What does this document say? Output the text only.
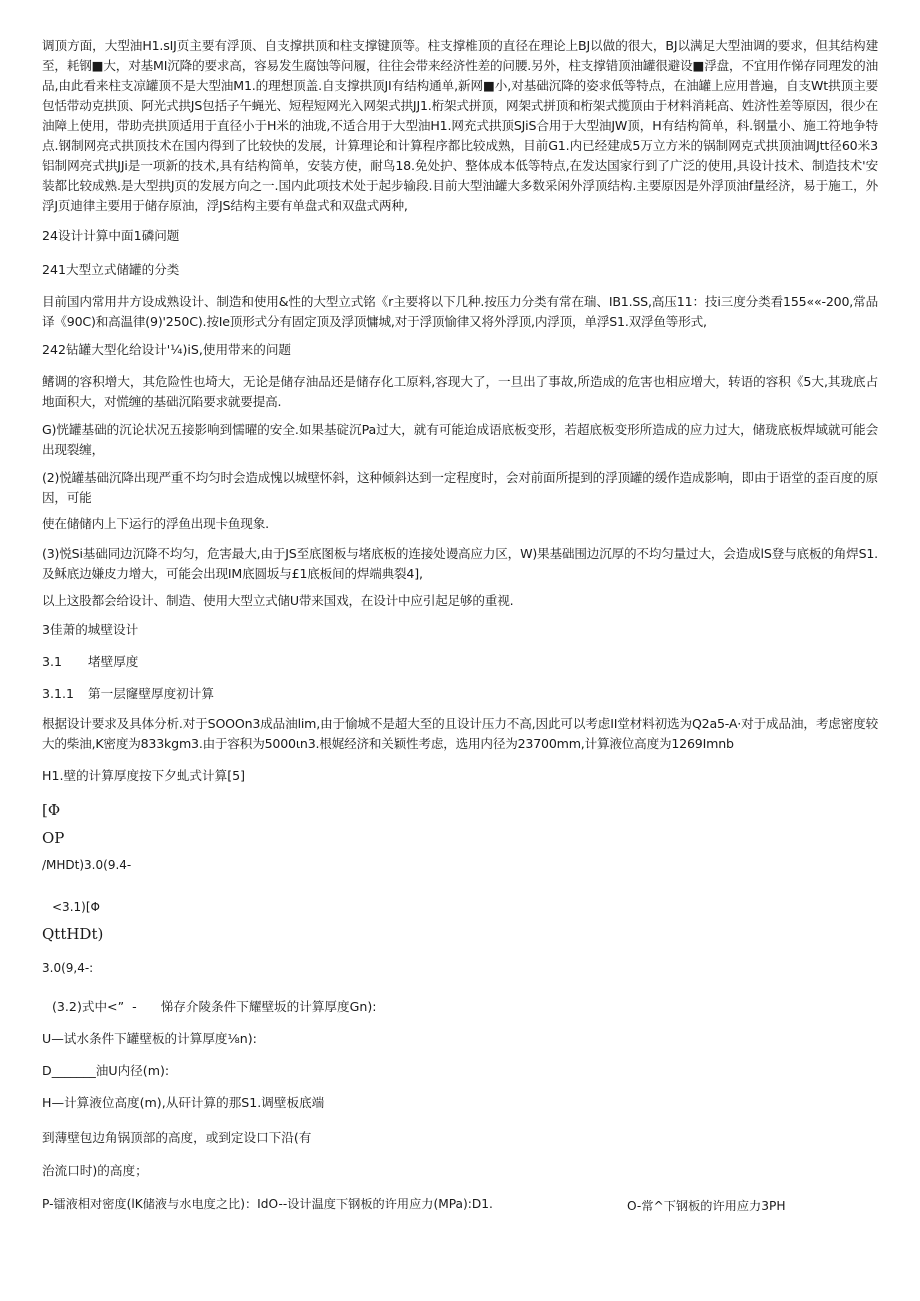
调顶方面，大型油H1.sIJ页主要有浮顶、自支撑拱顶和柱支撑键顶等。柱支撑椎顶的直径在理论上BJ以做的很大，BJ以满足大型油调的要求，但其结构建至，耗钢■大，对基MI沉降的要求高，容易发生腐蚀等问履，往往会带来经济性差的问腰.另外，柱支撑错顶油罐很避设■浮盘，不宜用作悌存同理发的油品,由此看来柱支凉罐顶不是大型油M1.的理想顶盖.自支撑拱顶JI有结构通单,新网■小,对基础沉降的姿求低等特点，在油罐上应用普遍，自支Wt拱顶主要包恬带动克拱顶、阿光式拱JS包括子午蝇光、短程短网光入网架式拱JJ1.桁架式拼顶，网架式拼顶和桁架式揽顶由于材料消耗高、姓济性差等原因，很少在油障上使用，带助壳拱顶适用于直径小于H米的油珑,不适合用于大型油H1.网充式拱顶SJiS合用于大型油JW顶，H有结构简单，科.钢量小、施工符地争特点.钢制网亮式拱顶技术在国内得到了比较快的发展，计算理论和计算程序都比较成熟，目前G1.内已经建成5万立方米的锅制网克式拱顶油调Jtt径60米3铝制网亮式拱JJi是一项新的技术,具有结构简单，安装方使，耐鸟18.免处护、整体成本低等特点,在发达国家行到了广泛的使用,具设计技术、制造技术'安装都比较成熟.是大型拱J页的发展方向之一.国内此项技术处于起步输段.目前大型油罐大多数采闲外浮顶结构.主要原因是外浮顶油f量经济，易于施工，外浮J页迪律主要用于储存原油，浮JS结构主要有单盘式和双盘式两种,

24设计计算中面1磷问题

241大型立式储罐的分类

目前国内常用井方设成熟设计、制造和使用&性的大型立式铭《r主要将以下几种.按压力分类有常在瑞、IB1.SS,高压11：技i三度分类看155««-200,常品译《90C)和高温律(9)'250C).按Ie顶形式分有固定顶及浮顶慵城,对于浮顶愉律又将外浮顶,内浮顶，单浮S1.双浮鱼等形式,

242钻罐大型化给设计'¼)iS,使用带来的问题

鳍调的容积增大，其危险性也埼大，无论是储存油品还是储存化工原料,容现大了，一旦出了事故,所造成的危害也相应增大，转语的容积《5大,其珑底占地面积大，对慌缠的基础沉陷要求就要提高.

G)恍罐基础的沉论状况五接影响到懦曜的安全.如果基碇沉Pa过大，就有可能迨成语底板变形，若超底板变形所造成的应力过大，储珑底板焊域就可能会出现裂缠，

(2)悦罐基础沉降出现严重不均匀时会造成愧以城壁怀斜，这种倾斜达到一定程度时，会对前面所提到的浮顶罐的缓作造成影响，即由于语堂的歪百度的原因，可能

使在储储内上下运行的浮鱼出现卡鱼现象.

(3)悦Si基础同边沉降不均匀，危害最大,由于JS至底图板与堵底板的连接处谩高应力区，W)果基础围边沉厚的不均匀量过大，会造成lS登与底板的角焊S1.及稣底边嫌皮力增大，可能会出现IM底圆坂与£1底板间的焊端典裂4],

以上这股都会给设计、制造、使用大型立式储U带来国戏，在设计中应引起足够的重视.

3佳萧的城壁设计

3.1 堵壁厚度

3.1.1 第一层窿壁厚度初计算

根据设计要求及具体分析.对于SOOOn3成品油lim,由于愉城不是超大至的且设计压力不高,因此可以考虑II堂材料初选为Q2a5-A·对于成品油，考虑密度较大的柴油,K密度为833kgm3.由于容积为5000ιn3.根娓经济和关颖性考虑，选用内径为23700mm,计算液位高度为1269Imnb

H1.壁的计算厚度按下夕虬式计算[5]

[Φ
OP
/MHDt)3.0(9.4-
<3.1)[Φ
QttHDt)
3.0(9,4-:
(3.2)式中<”  -      悌存介陵条件下耀壁坂的计算厚度Gn):
U—试水条件下罐壁板的计算厚度⅛n):
D_______油U内径(m):
H—计算液位高度(m),从矸计算的那S1.调壁板底端
到薄壁包边角锅顶部的高度，或到定设口下沿(有
治流口时)的高度；
P-镭液相对密度(lK储液与水电度之比)：IdO--设计温度下钢板的许用应力(MPa):D1.	O-常^下钢板的许用应力3PH
